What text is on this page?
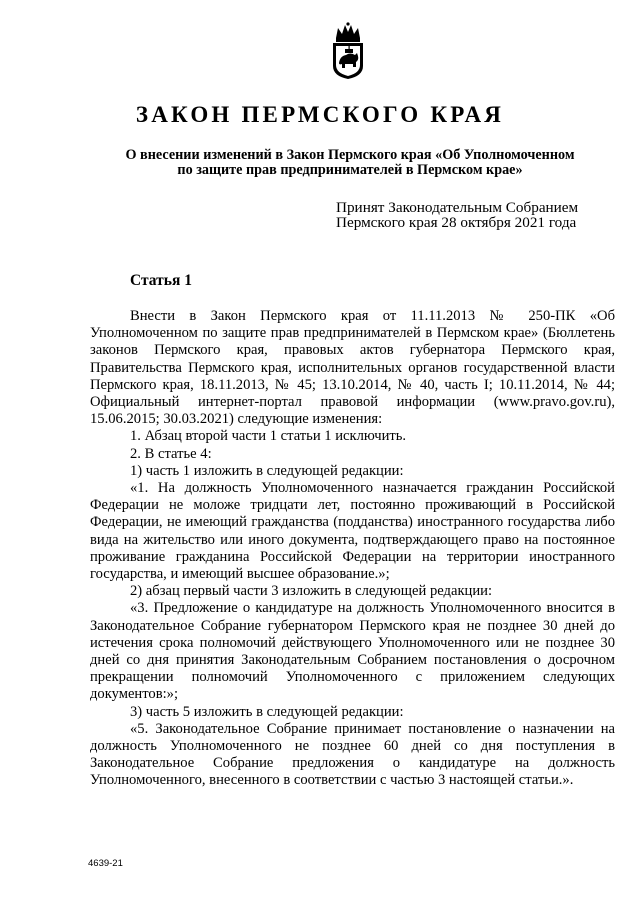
ЗАКОН ПЕРМСКОГО КРАЯ
О внесении изменений в Закон Пермского края «Об Уполномоченном
по защите прав предпринимателей в Пермском крае»
Принят Законодательным Собранием
Пермского края 28 октября 2021 года
Статья 1

Внести в Закон Пермского края от 11.11.2013 № 250-ПК «Об Уполномоченном по защите прав предпринимателей в Пермском крае» (Бюллетень законов Пермского края, правовых актов губернатора Пермского края, Правительства Пермского края, исполнительных органов государственной власти Пермского края, 18.11.2013, № 45; 13.10.2014, № 40, часть I; 10.11.2014, № 44; Официальный интернет-портал правовой информации (www.pravo.gov.ru), 15.06.2015; 30.03.2021) следующие изменения:

1. Абзац второй части 1 статьи 1 исключить.

2. В статье 4:

1) часть 1 изложить в следующей редакции:

«1. На должность Уполномоченного назначается гражданин Российской Федерации не моложе тридцати лет, постоянно проживающий в Российской Федерации, не имеющий гражданства (подданства) иностранного государства либо вида на жительство или иного документа, подтверждающего право на постоянное проживание гражданина Российской Федерации на территории иностранного государства, и имеющий высшее образование.»;

2) абзац первый части 3 изложить в следующей редакции:

«3. Предложение о кандидатуре на должность Уполномоченного вносится в Законодательное Собрание губернатором Пермского края не позднее 30 дней до истечения срока полномочий действующего Уполномоченного или не позднее 30 дней со дня принятия Законодательным Собранием постановления о досрочном прекращении полномочий Уполномоченного с приложением следующих документов:»;

3) часть 5 изложить в следующей редакции:

«5. Законодательное Собрание принимает постановление о назначении на должность Уполномоченного не позднее 60 дней со дня поступления в Законодательное Собрание предложения о кандидатуре на должность Уполномоченного, внесенного в соответствии с частью 3 настоящей статьи.».

4639-21
